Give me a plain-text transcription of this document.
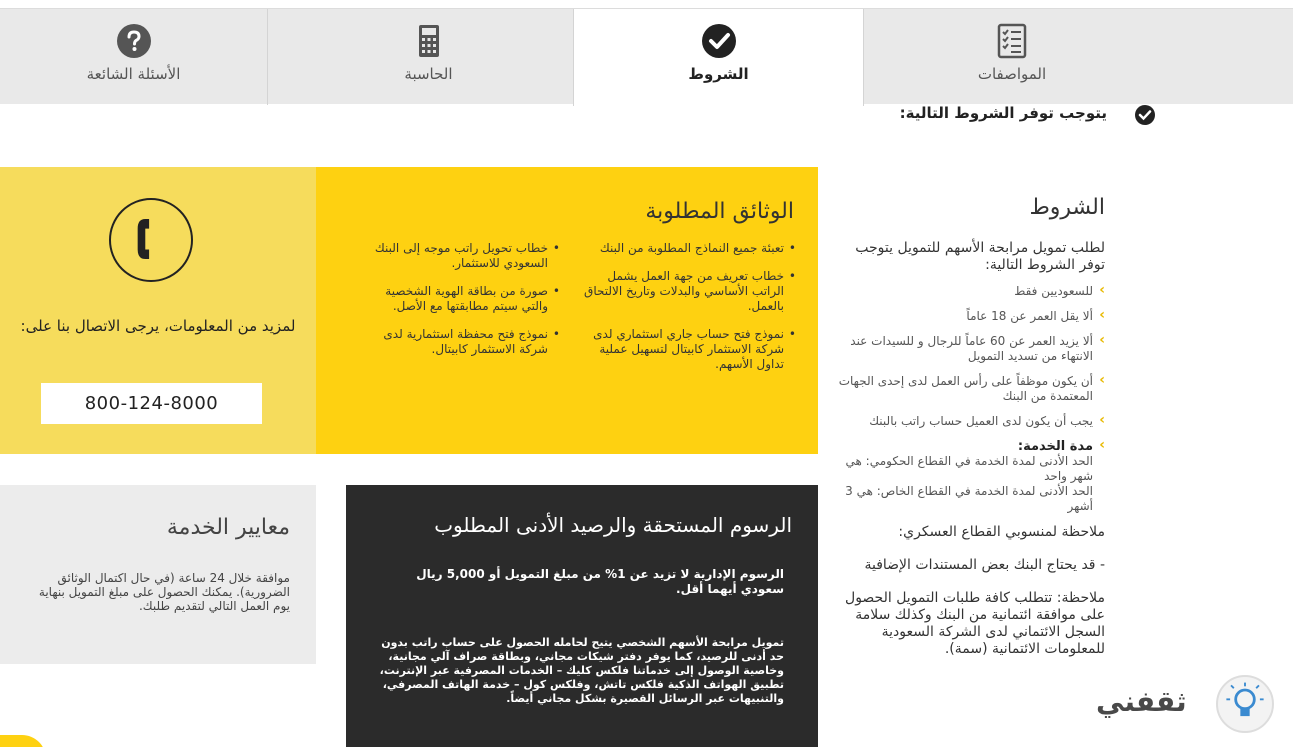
الأسئلة الشائعة	الحاسبة	الشروط	المواصفات
يتوجب توفر الشروط التالية:
لمزيد من المعلومات، يرجى الاتصال بنا على:
800-124-8000
الوثائق المطلوبة
• تعبئة جميع النماذج المطلوبة من البنك
• خطاب تعريف من جهة العمل يشمل الراتب الأساسي والبدلات وتاريخ الالتحاق بالعمل.
• نموذج فتح حساب جاري استثماري لدى شركة الاستثمار كابيتال لتسهيل عملية تداول الأسهم.
• خطاب تحويل راتب موجه إلى البنك السعودي للاستثمار.
• صورة من بطاقة الهوية الشخصية والتي سيتم مطابقتها مع الأصل.
• نموذج فتح محفظة استثمارية لدى شركة الاستثمار كابيتال.
الشروط
لطلب تمويل مرابحة الأسهم للتمويل يتوجب توفر الشروط التالية:
› للسعوديين فقط
› ألا يقل العمر عن 18 عاماً
› ألا يزيد العمر عن 60 عاماً للرجال و للسيدات عند الانتهاء من تسديد التمويل
› أن يكون موظفاً على رأس العمل لدى إحدى الجهات المعتمدة من البنك
› يجب أن يكون لدى العميل حساب راتب بالبنك
› مدة الخدمة:
الحد الأدنى لمدة الخدمة في القطاع الحكومي: هي شهر واحد
الحد الأدنى لمدة الخدمة في القطاع الخاص: هي 3 أشهر
ملاحظة لمنسوبي القطاع العسكري:
- قد يحتاج البنك بعض المستندات الإضافية
ملاحظة: تتطلب كافة طلبات التمويل الحصول على موافقة ائتمانية من البنك وكذلك سلامة السجل الائتماني لدى الشركة السعودية للمعلومات الائتمانية (سمة).
معايير الخدمة
موافقة خلال 24 ساعة (في حال اكتمال الوثائق الضرورية). يمكنك الحصول على مبلغ التمويل بنهاية يوم العمل التالي لتقديم طلبك.
الرسوم المستحقة والرصيد الأدنى المطلوب
الرسوم الإدارية لا تزيد عن 1% من مبلغ التمويل أو 5,000 ريال سعودي أيهما أقل.
تمويل مرابحة الأسهم الشخصي يتيح لحامله الحصول على حساب راتب بدون حد أدنى للرصيد، كما يوفر دفتر شيكات مجاني، وبطاقة صراف آلي مجانية، وخاصية الوصول إلى خدماتنا فلكس كليك – الخدمات المصرفية عبر الإنترنت، تطبيق الهواتف الذكية فلكس تاتش، وفلكس كول – خدمة الهاتف المصرفي، والتنبيهات عبر الرسائل القصيرة بشكل مجاني أيضاً.	ثقفني
